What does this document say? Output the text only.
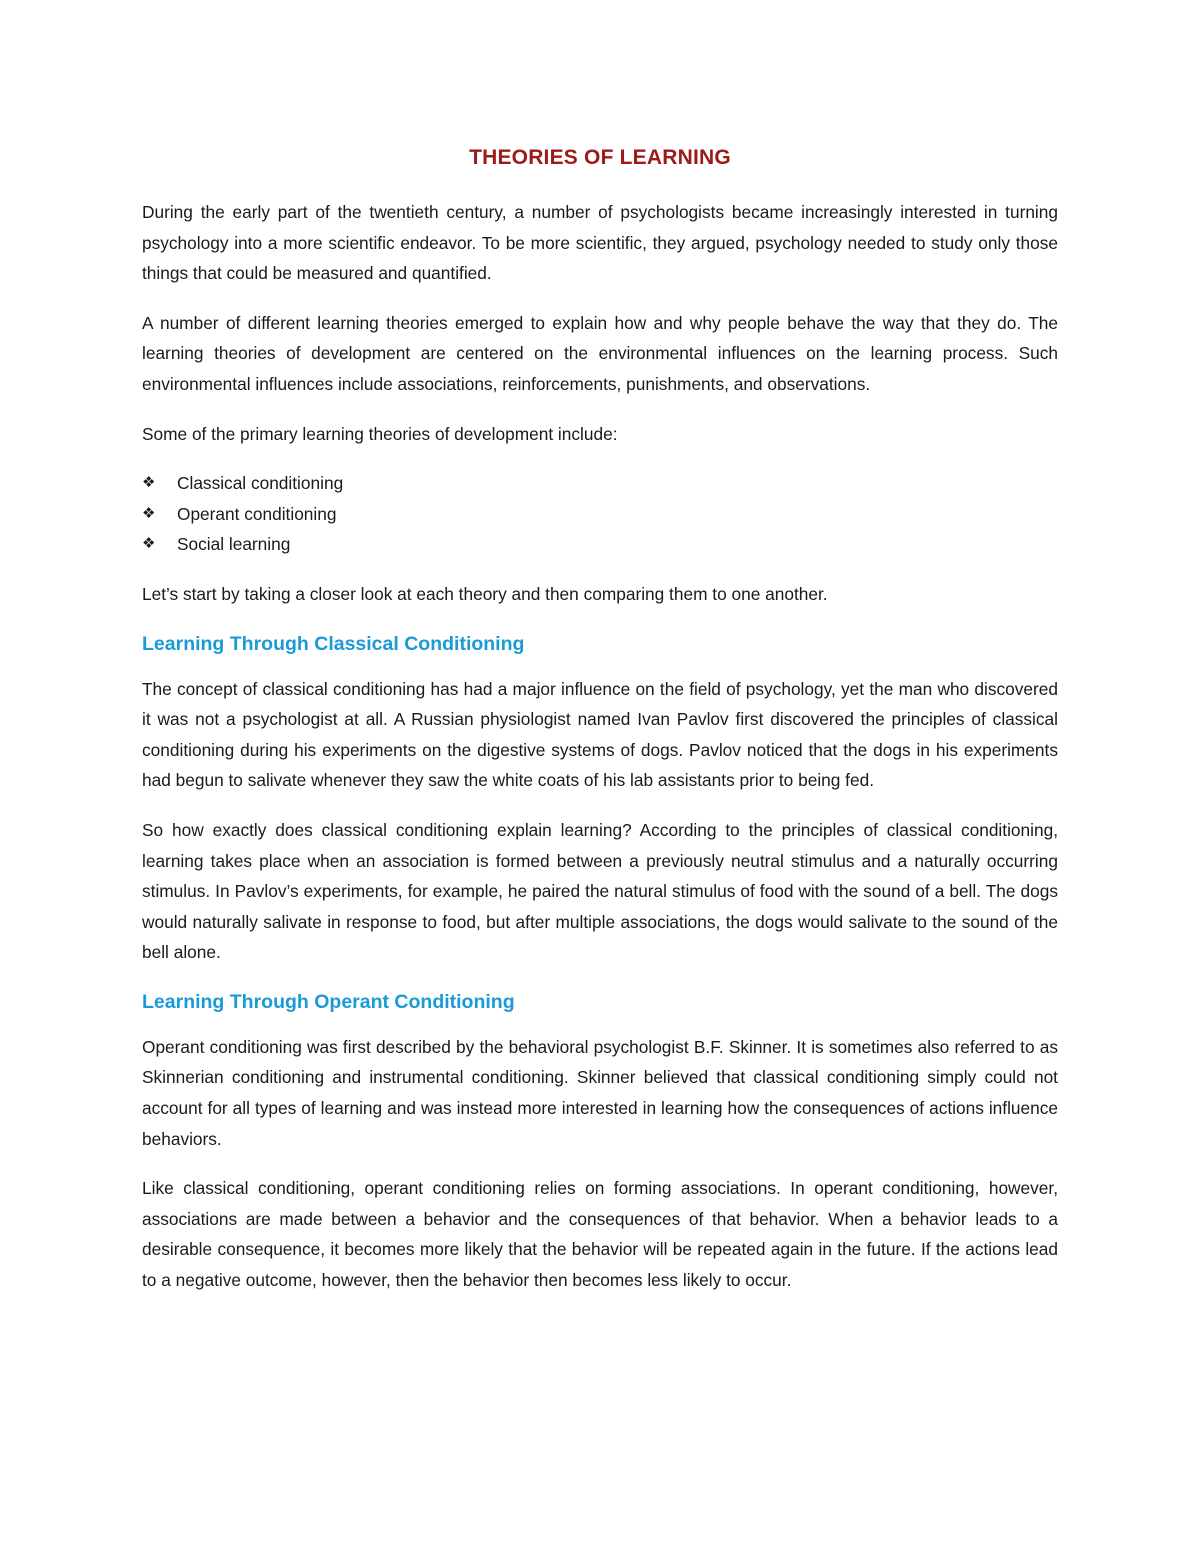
THEORIES OF LEARNING

During the early part of the twentieth century, a number of psychologists became increasingly interested in turning psychology into a more scientific endeavor. To be more scientific, they argued, psychology needed to study only those things that could be measured and quantified.

A number of different learning theories emerged to explain how and why people behave the way that they do. The learning theories of development are centered on the environmental influences on the learning process. Such environmental influences include associations, reinforcements, punishments, and observations.

Some of the primary learning theories of development include:

❖	Classical conditioning
❖	Operant conditioning
❖	Social learning

Let’s start by taking a closer look at each theory and then comparing them to one another.

Learning Through Classical Conditioning

The concept of classical conditioning has had a major influence on the field of psychology, yet the man who discovered it was not a psychologist at all. A Russian physiologist named Ivan Pavlov first discovered the principles of classical conditioning during his experiments on the digestive systems of dogs. Pavlov noticed that the dogs in his experiments had begun to salivate whenever they saw the white coats of his lab assistants prior to being fed.

So how exactly does classical conditioning explain learning? According to the principles of classical conditioning, learning takes place when an association is formed between a previously neutral stimulus and a naturally occurring stimulus. In Pavlov’s experiments, for example, he paired the natural stimulus of food with the sound of a bell. The dogs would naturally salivate in response to food, but after multiple associations, the dogs would salivate to the sound of the bell alone.

Learning Through Operant Conditioning

Operant conditioning was first described by the behavioral psychologist B.F. Skinner. It is sometimes also referred to as Skinnerian conditioning and instrumental conditioning. Skinner believed that classical conditioning simply could not account for all types of learning and was instead more interested in learning how the consequences of actions influence behaviors.

Like classical conditioning, operant conditioning relies on forming associations. In operant conditioning, however, associations are made between a behavior and the consequences of that behavior. When a behavior leads to a desirable consequence, it becomes more likely that the behavior will be repeated again in the future. If the actions lead to a negative outcome, however, then the behavior then becomes less likely to occur.
